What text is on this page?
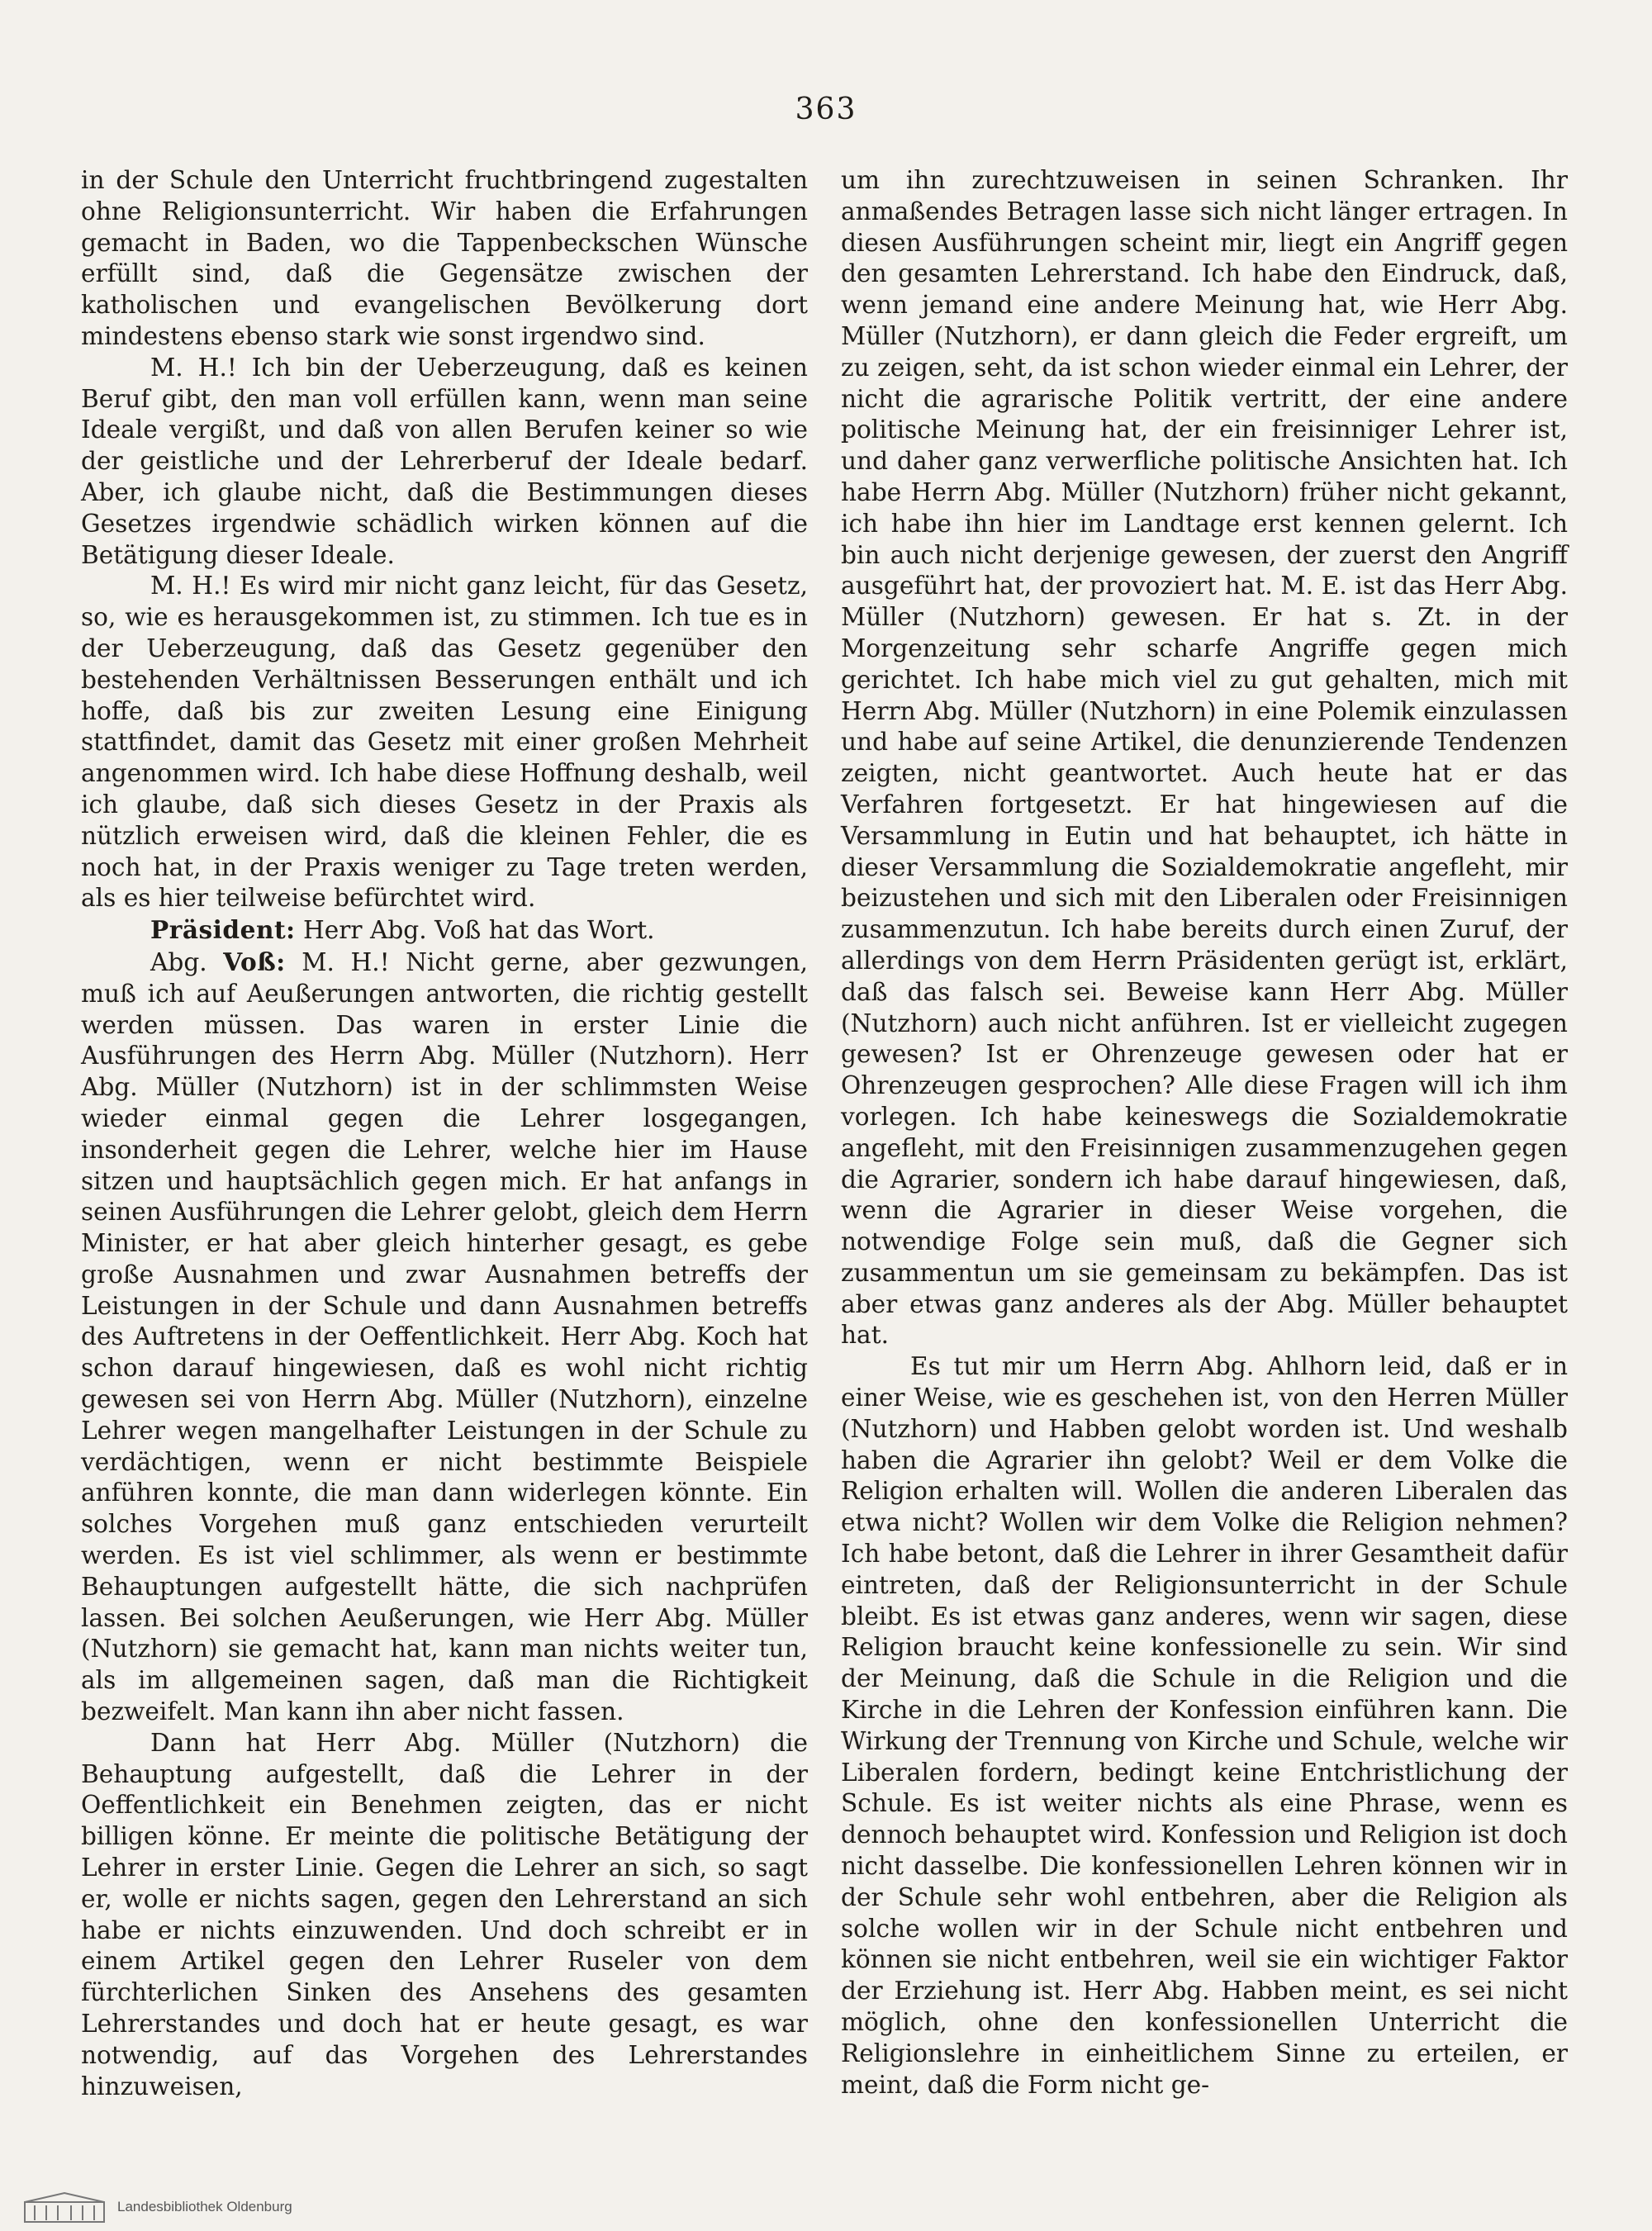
363

in der Schule den Unterricht fruchtbringend zugestalten ohne Religionsunterricht. Wir haben die Erfahrungen gemacht in Baden, wo die Tappenbeckschen Wünsche erfüllt sind, daß die Gegensätze zwischen der katholischen und evangelischen Bevölkerung dort mindestens ebenso stark wie sonst irgendwo sind.

M. H.! Ich bin der Ueberzeugung, daß es keinen Beruf gibt, den man voll erfüllen kann, wenn man seine Ideale vergißt, und daß von allen Berufen keiner so wie der geistliche und der Lehrerberuf der Ideale bedarf. Aber, ich glaube nicht, daß die Bestimmungen dieses Gesetzes irgendwie schädlich wirken können auf die Betätigung dieser Ideale.

M. H.! Es wird mir nicht ganz leicht, für das Gesetz, so, wie es herausgekommen ist, zu stimmen. Ich tue es in der Ueberzeugung, daß das Gesetz gegenüber den bestehenden Verhältnissen Besserungen enthält und ich hoffe, daß bis zur zweiten Lesung eine Einigung stattfindet, damit das Gesetz mit einer großen Mehrheit angenommen wird. Ich habe diese Hoffnung deshalb, weil ich glaube, daß sich dieses Gesetz in der Praxis als nützlich erweisen wird, daß die kleinen Fehler, die es noch hat, in der Praxis weniger zu Tage treten werden, als es hier teilweise befürchtet wird.

Präsident: Herr Abg. Voß hat das Wort.

Abg. Voß: M. H.! Nicht gerne, aber gezwungen, muß ich auf Aeußerungen antworten, die richtig gestellt werden müssen. Das waren in erster Linie die Ausführungen des Herrn Abg. Müller (Nutzhorn). Herr Abg. Müller (Nutzhorn) ist in der schlimmsten Weise wieder einmal gegen die Lehrer losgegangen, insonderheit gegen die Lehrer, welche hier im Hause sitzen und hauptsächlich gegen mich. Er hat anfangs in seinen Ausführungen die Lehrer gelobt, gleich dem Herrn Minister, er hat aber gleich hinterher gesagt, es gebe große Ausnahmen und zwar Ausnahmen betreffs der Leistungen in der Schule und dann Ausnahmen betreffs des Auftretens in der Oeffentlichkeit. Herr Abg. Koch hat schon darauf hingewiesen, daß es wohl nicht richtig gewesen sei von Herrn Abg. Müller (Nutzhorn), einzelne Lehrer wegen mangelhafter Leistungen in der Schule zu verdächtigen, wenn er nicht bestimmte Beispiele anführen konnte, die man dann widerlegen könnte. Ein solches Vorgehen muß ganz entschieden verurteilt werden. Es ist viel schlimmer, als wenn er bestimmte Behauptungen aufgestellt hätte, die sich nachprüfen lassen. Bei solchen Aeußerungen, wie Herr Abg. Müller (Nutzhorn) sie gemacht hat, kann man nichts weiter tun, als im allgemeinen sagen, daß man die Richtigkeit bezweifelt. Man kann ihn aber nicht fassen.

Dann hat Herr Abg. Müller (Nutzhorn) die Behauptung aufgestellt, daß die Lehrer in der Oeffentlichkeit ein Benehmen zeigten, das er nicht billigen könne. Er meinte die politische Betätigung der Lehrer in erster Linie. Gegen die Lehrer an sich, so sagt er, wolle er nichts sagen, gegen den Lehrerstand an sich habe er nichts einzuwenden. Und doch schreibt er in einem Artikel gegen den Lehrer Ruseler von dem fürchterlichen Sinken des Ansehens des gesamten Lehrerstandes und doch hat er heute gesagt, es war notwendig, auf das Vorgehen des Lehrerstandes hinzuweisen,

um ihn zurechtzuweisen in seinen Schranken. Ihr anmaßendes Betragen lasse sich nicht länger ertragen. In diesen Ausführungen scheint mir, liegt ein Angriff gegen den gesamten Lehrerstand. Ich habe den Eindruck, daß, wenn jemand eine andere Meinung hat, wie Herr Abg. Müller (Nutzhorn), er dann gleich die Feder ergreift, um zu zeigen, seht, da ist schon wieder einmal ein Lehrer, der nicht die agrarische Politik vertritt, der eine andere politische Meinung hat, der ein freisinniger Lehrer ist, und daher ganz verwerfliche politische Ansichten hat. Ich habe Herrn Abg. Müller (Nutzhorn) früher nicht gekannt, ich habe ihn hier im Landtage erst kennen gelernt. Ich bin auch nicht derjenige gewesen, der zuerst den Angriff ausgeführt hat, der provoziert hat. M. E. ist das Herr Abg. Müller (Nutzhorn) gewesen. Er hat s. Zt. in der Morgenzeitung sehr scharfe Angriffe gegen mich gerichtet. Ich habe mich viel zu gut gehalten, mich mit Herrn Abg. Müller (Nutzhorn) in eine Polemik einzulassen und habe auf seine Artikel, die denunzierende Tendenzen zeigten, nicht geantwortet. Auch heute hat er das Verfahren fortgesetzt. Er hat hingewiesen auf die Versammlung in Eutin und hat behauptet, ich hätte in dieser Versammlung die Sozialdemokratie angefleht, mir beizustehen und sich mit den Liberalen oder Freisinnigen zusammenzutun. Ich habe bereits durch einen Zuruf, der allerdings von dem Herrn Präsidenten gerügt ist, erklärt, daß das falsch sei. Beweise kann Herr Abg. Müller (Nutzhorn) auch nicht anführen. Ist er vielleicht zugegen gewesen? Ist er Ohrenzeuge gewesen oder hat er Ohrenzeugen gesprochen? Alle diese Fragen will ich ihm vorlegen. Ich habe keineswegs die Sozialdemokratie angefleht, mit den Freisinnigen zusammenzugehen gegen die Agrarier, sondern ich habe darauf hingewiesen, daß, wenn die Agrarier in dieser Weise vorgehen, die notwendige Folge sein muß, daß die Gegner sich zusammentun um sie gemeinsam zu bekämpfen. Das ist aber etwas ganz anderes als der Abg. Müller behauptet hat.

Es tut mir um Herrn Abg. Ahlhorn leid, daß er in einer Weise, wie es geschehen ist, von den Herren Müller (Nutzhorn) und Habben gelobt worden ist. Und weshalb haben die Agrarier ihn gelobt? Weil er dem Volke die Religion erhalten will. Wollen die anderen Liberalen das etwa nicht? Wollen wir dem Volke die Religion nehmen? Ich habe betont, daß die Lehrer in ihrer Gesamtheit dafür eintreten, daß der Religionsunterricht in der Schule bleibt. Es ist etwas ganz anderes, wenn wir sagen, diese Religion braucht keine konfessionelle zu sein. Wir sind der Meinung, daß die Schule in die Religion und die Kirche in die Lehren der Konfession einführen kann. Die Wirkung der Trennung von Kirche und Schule, welche wir Liberalen fordern, bedingt keine Entchristlichung der Schule. Es ist weiter nichts als eine Phrase, wenn es dennoch behauptet wird. Konfession und Religion ist doch nicht dasselbe. Die konfessionellen Lehren können wir in der Schule sehr wohl entbehren, aber die Religion als solche wollen wir in der Schule nicht entbehren und können sie nicht entbehren, weil sie ein wichtiger Faktor der Erziehung ist. Herr Abg. Habben meint, es sei nicht möglich, ohne den konfessionellen Unterricht die Religionslehre in einheitlichem Sinne zu erteilen, er meint, daß die Form nicht ge-

Landesbibliothek Oldenburg
